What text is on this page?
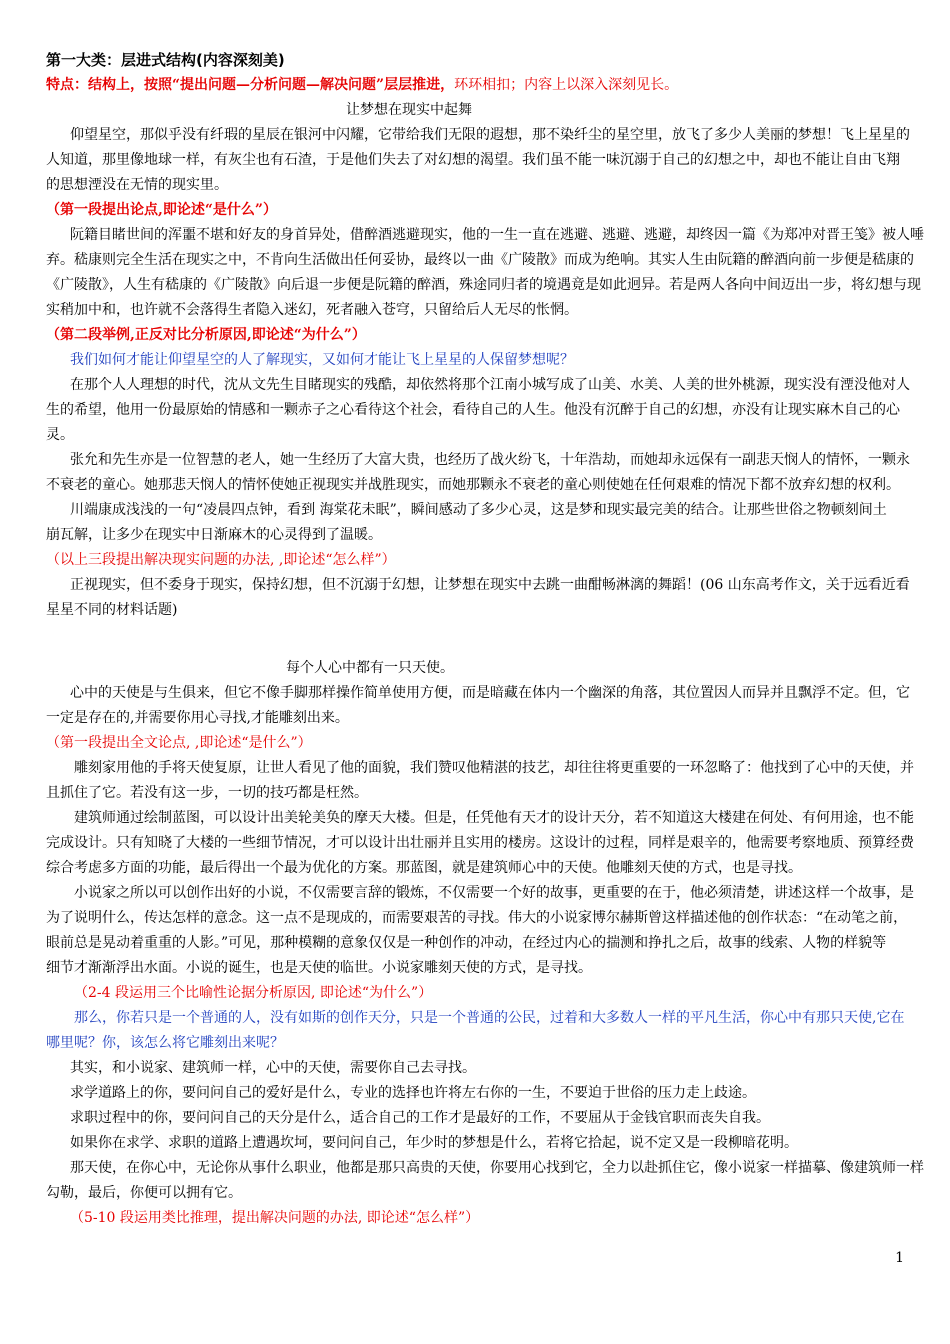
第一大类：层进式结构(内容深刻美)
特点：结构上，按照“提出问题—分析问题—解决问题”层层推进，环环相扣；内容上以深入深刻见长。
让梦想在现实中起舞
仰望星空，那似乎没有纤瑕的星辰在银河中闪耀，它带给我们无限的遐想，那不染纤尘的星空里，放飞了多少人美丽的梦想！飞上星星的
人知道，那里像地球一样，有灰尘也有石渣，于是他们失去了对幻想的渴望。我们虽不能一味沉溺于自己的幻想之中，却也不能让自由飞翔
的思想湮没在无情的现实里。
（第一段提出论点,即论述“是什么”）
阮籍目睹世间的浑噩不堪和好友的身首异处，借醉酒逃避现实，他的一生一直在逃避、逃避、逃避，却终因一篇《为郑冲对晋王笺》被人唾
弃。嵇康则完全生活在现实之中，不肯向生活做出任何妥协，最终以一曲《广陵散》而成为绝响。其实人生由阮籍的醉酒向前一步便是嵇康的
《广陵散》，人生有嵇康的《广陵散》向后退一步便是阮籍的醉酒，殊途同归者的境遇竟是如此迥异。若是两人各向中间迈出一步，将幻想与现
实稍加中和，也许就不会落得生者隐入迷幻，死者融入苍穹，只留给后人无尽的怅惘。
（第二段举例,正反对比分析原因,即论述“为什么”）
我们如何才能让仰望星空的人了解现实，又如何才能让飞上星星的人保留梦想呢？
在那个人人理想的时代，沈从文先生目睹现实的残酷，却依然将那个江南小城写成了山美、水美、人美的世外桃源，现实没有湮没他对人
生的希望，他用一份最原始的情感和一颗赤子之心看待这个社会，看待自己的人生。他没有沉醉于自己的幻想，亦没有让现实麻木自己的心
灵。
张允和先生亦是一位智慧的老人，她一生经历了大富大贵，也经历了战火纷飞，十年浩劫，而她却永远保有一副悲天悯人的情怀，一颗永
不衰老的童心。她那悲天悯人的情怀使她正视现实并战胜现实，而她那颗永不衰老的童心则使她在任何艰难的情况下都不放弃幻想的权利。
川端康成浅浅的一句“凌晨四点钟，看到 海棠花未眠”，瞬间感动了多少心灵，这是梦和现实最完美的结合。让那些世俗之物顿刻间土
崩瓦解，让多少在现实中日渐麻木的心灵得到了温暖。
（以上三段提出解决现实问题的办法, ,即论述“怎么样”）
正视现实，但不委身于现实，保持幻想，但不沉溺于幻想，让梦想在现实中去跳一曲酣畅淋漓的舞蹈！(06 山东高考作文，关于远看近看
星星不同的材料话题)
每个人心中都有一只天使。
心中的天使是与生俱来，但它不像手脚那样操作简单使用方便，而是暗藏在体内一个幽深的角落，其位置因人而异并且飘浮不定。但，它
一定是存在的,并需要你用心寻找,才能雕刻出来。
（第一段提出全文论点, ,即论述“是什么”）
雕刻家用他的手将天使复原，让世人看见了他的面貌，我们赞叹他精湛的技艺，却往往将更重要的一环忽略了：他找到了心中的天使，并
且抓住了它。若没有这一步，一切的技巧都是枉然。
建筑师通过绘制蓝图，可以设计出美轮美奂的摩天大楼。但是，任凭他有天才的设计天分，若不知道这大楼建在何处、有何用途，也不能
完成设计。只有知晓了大楼的一些细节情况，才可以设计出壮丽并且实用的楼房。这设计的过程，同样是艰辛的，他需要考察地质、预算经费
综合考虑多方面的功能，最后得出一个最为优化的方案。那蓝图，就是建筑师心中的天使。他雕刻天使的方式，也是寻找。
小说家之所以可以创作出好的小说，不仅需要言辞的锻炼，不仅需要一个好的故事，更重要的在于，他必须清楚，讲述这样一个故事，是
为了说明什么，传达怎样的意念。这一点不是现成的，而需要艰苦的寻找。伟大的小说家博尔赫斯曾这样描述他的创作状态：“在动笔之前，
眼前总是晃动着重重的人影。”可见，那种模糊的意象仅仅是一种创作的冲动，在经过内心的揣测和挣扎之后，故事的线索、人物的样貌等
细节才渐渐浮出水面。小说的诞生，也是天使的临世。小说家雕刻天使的方式，是寻找。
（2-4 段运用三个比喻性论据分析原因, 即论述“为什么”）
那么，你若只是一个普通的人，没有如斯的创作天分，只是一个普通的公民，过着和大多数人一样的平凡生活，你心中有那只天使,它在
哪里呢？你，该怎么将它雕刻出来呢？
其实，和小说家、建筑师一样，心中的天使，需要你自己去寻找。
求学道路上的你，要问问自己的爱好是什么，专业的选择也许将左右你的一生，不要迫于世俗的压力走上歧途。
求职过程中的你，要问问自己的天分是什么，适合自己的工作才是最好的工作，不要屈从于金钱官职而丧失自我。
如果你在求学、求职的道路上遭遇坎坷，要问问自己，年少时的梦想是什么，若将它拾起，说不定又是一段柳暗花明。
那天使，在你心中，无论你从事什么职业，他都是那只高贵的天使，你要用心找到它，全力以赴抓住它，像小说家一样描摹、像建筑师一样
勾勒，最后，你便可以拥有它。
（5-10 段运用类比推理，提出解决问题的办法, 即论述“怎么样”）
1
